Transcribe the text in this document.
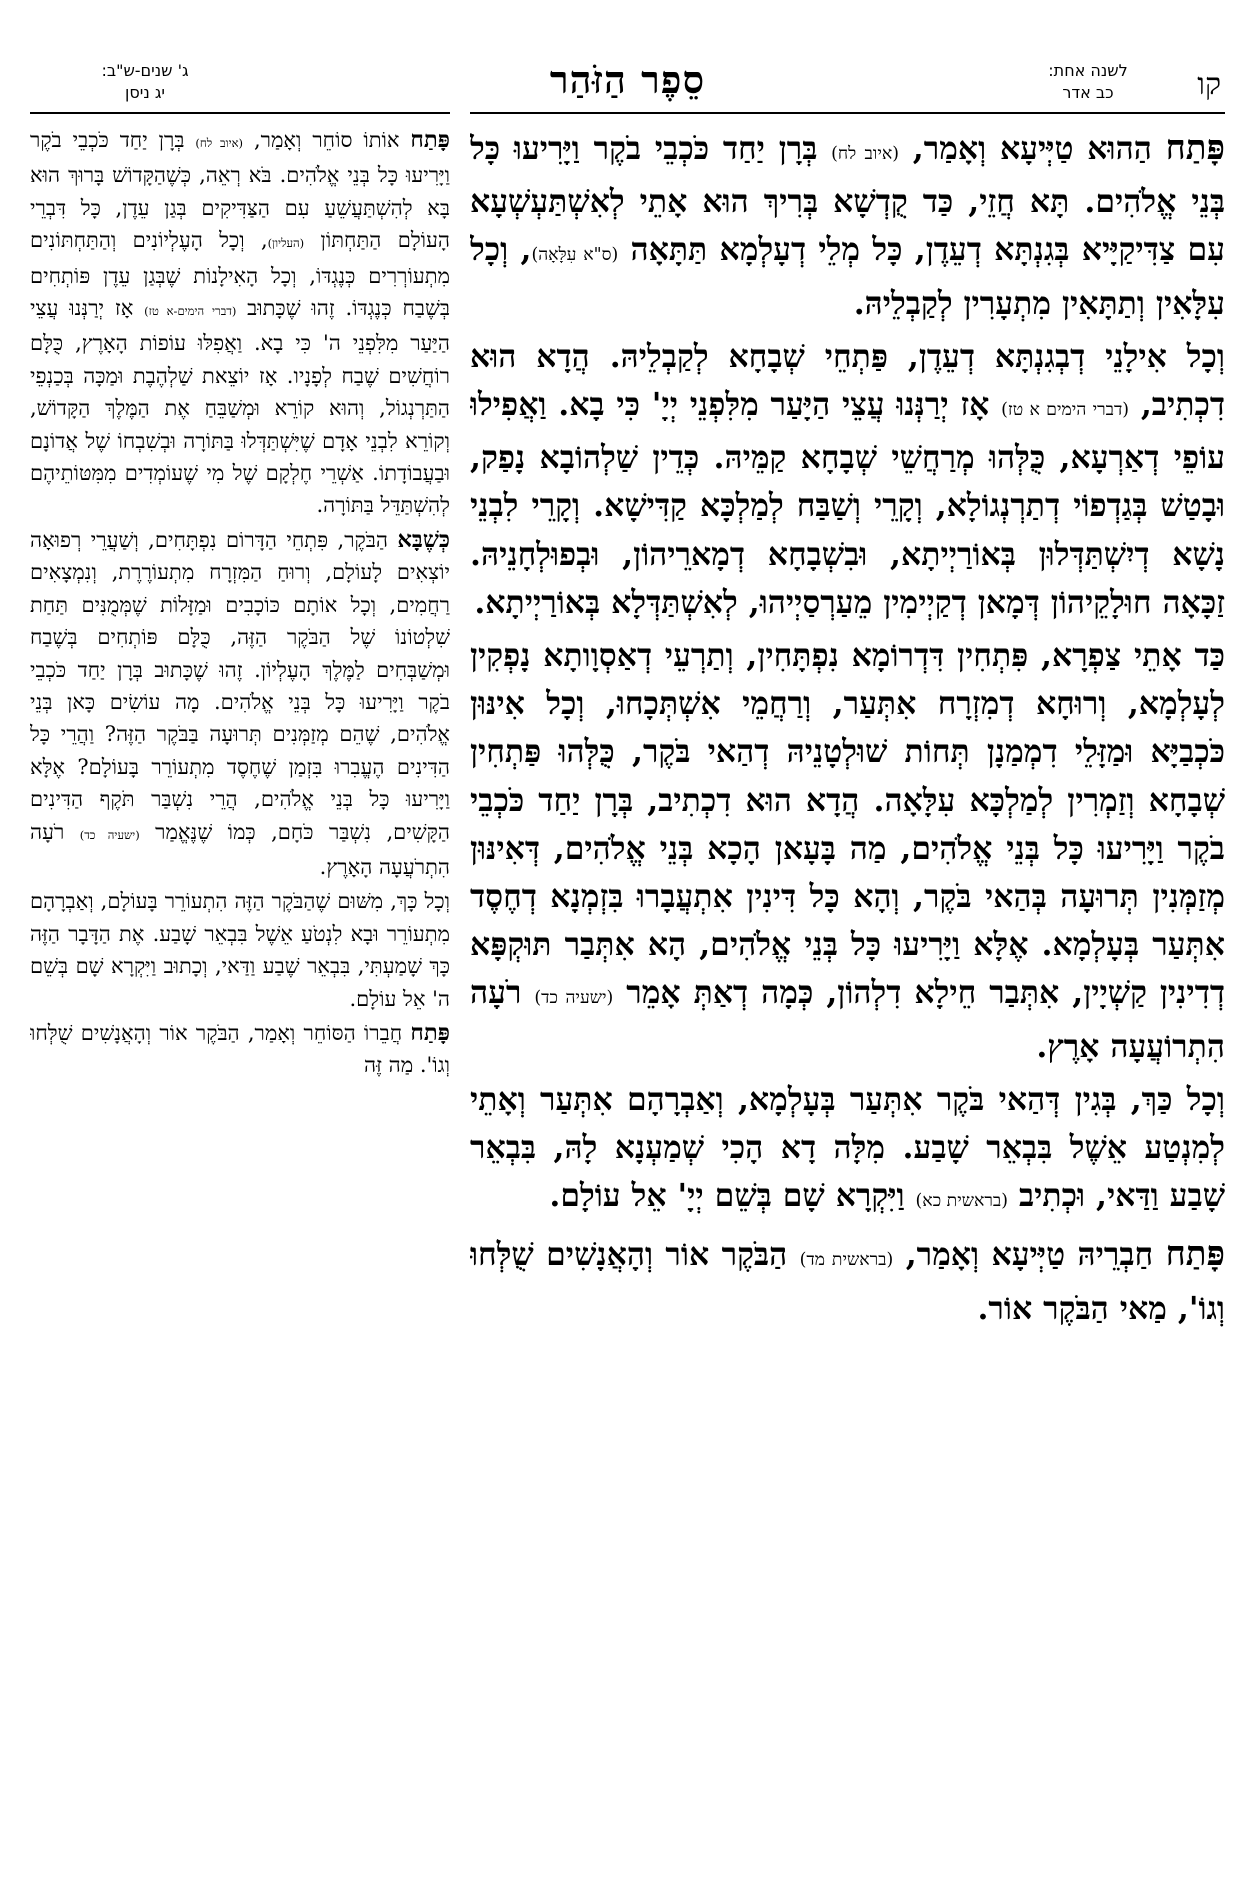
קו
לשנה אחת:
כב אדר
סֵפֶר הַזֹּהַר
ג' שנים-ש"ב:
יג ניסן

פָּתַח הַהוּא טַיְּיעָא וְאָמַר, (איוב לח) בְּרָן יַחַד כֹּכְבֵי בֹקֶר וַיָּרִיעוּ כָּל בְּנֵי אֱלֹהִים. תָּא חֲזֵי, כַּד קֻדְשָׁא בְּרִיךְ הוּא אָתֵי לְאִשְׁתַּעְשְׁעָא עִם צַדִּיקַיָּיא בְּגִנְתָּא דְעֵדֶן, כָּל מְלֵי דְעָלְמָא תַּתָּאָה (ס"א עִלָּאָה), וְכָל עִלָּאִין וְתַתָּאִין מִתְעָרִין לְקַבְלֵיהּ.

וְכָל אִילָנֵי דְבְגִנְתָּא דְעֵדֶן, פַּתְחֵי שְׁבָחָא לְקַבְלֵיהּ. הֲדָא הוּא דִכְתִיב, (דברי הימים א טז) אָז יְרַנְּנוּ עֲצֵי הַיָּעַר מִלִּפְנֵי יְיָ' כִּי בָא. וַאֲפִילוּ עוֹפֵי דְאַרְעָא, כֻּלְּהוּ מְרַחֲשֵׁי שְׁבָחָא קַמֵּיהּ. כְּדֵין שַׁלְהוֹבָא נָפַק, וּבָטַשׁ בְּגַדְפוֹי דְתַרְנְגוֹלָא, וְקָרֵי וְשַׁבַּח לְמַלְכָּא קַדִּישָׁא. וְקָרֵי לִבְנֵי נָשָׁא דְיִשְׁתַּדְּלוּן בְּאוֹרַיְיתָא, וּבִשְׁבָחָא דְמָארֵיהוֹן, וּבְפוּלְחָנֵיהּ. זַכָּאָה חוּלָקֵיהוֹן דְּמָאן דְקַיְימִין מֵעַרְסַיְיהוּ, לְאִשְׁתַּדְּלָא בְּאוֹרַיְיתָא.

כַּד אָתֵי צַפְרָא, פִּתְחִין דִּדְרוֹמָא נִפְתָּחִין, וְתַרְעֵי דְאַסְוָותָא נָפְקִין לְעָלְמָא, וְרוּחָא דְמִזְרָח אִתְּעַר, וְרַחֲמֵי אִשְׁתְּכָחוּ, וְכָל אִינּוּן כֹּכְבַיָּא וּמַזָּלֵי דִמְמַנָן תְּחוֹת שׁוּלְטָנֵיהּ דְהַאי בֹּקֶר, כֻּלְּהוּ פַּתְחִין שְׁבָחָא וְזַמְרִין לְמַלְכָּא עִלָּאָה. הֲדָא הוּא דִכְתִיב, בְּרָן יַחַד כֹּכְבֵי בֹקֶר וַיָּרִיעוּ כָּל בְּנֵי אֱלֹהִים, מַה בָּעָאן הָכָא בְּנֵי אֱלֹהִים, דְּאִינּוּן מְזַמְּנִין תְּרוּעָה בְּהַאי בֹּקֶר, וְהָא כָּל דִּינִין אִתְעֲבָרוּ בִּזְמְנָא דְחֶסֶד אִתְּעַר בְּעָלְמָא. אֶלָּא וַיָּרִיעוּ כָּל בְּנֵי אֱלֹהִים, הָא אִתְּבַר תּוּקְפָּא דְדִינִין קַשְׁיָין, אִתְּבַר חֵילָא דִלְהוֹן, כְּמָה דְאַתְּ אָמֵר (ישעיה כד) רֹעָה הִתְרוֹעֲעָה אָרֶץ.

וְכָל כַּךְ, בְּגִין דְּהַאי בֹּקֶר אִתְּעַר בְּעָלְמָא, וְאַבְרָהָם אִתְּעַר וְאָתֵי לְמִנְטַע אֵשֶׁל בִּבְאֵר שָׁבַע. מִלָּה דָא הָכִי שְׁמַעְנָא לָהּ, בִּבְאֵר שָׁבַע וַדַּאי, וּכְתִיב (בראשית כא) וַיִּקְרָא שָׁם בְּשֵׁם יְיָ' אֵל עוֹלָם.

פָּתַח חַבְרֵיהּ טַיְּיעָא וְאָמַר, (בראשית מד) הַבֹּקֶר אוֹר וְהָאֲנָשִׁים שֻׁלְּחוּ וְגוֹ', מַאי הַבֹּקֶר אוֹר.

פָּתַח אוֹתוֹ סוֹחֵר וְאָמַר, (איוב לח) בְּרָן יַחַד כֹּכְבֵי בֹקֶר וַיָּרִיעוּ כָּל בְּנֵי אֱלֹהִים. בֹּא רְאֵה, כְּשֶׁהַקָּדוֹשׁ בָּרוּךְ הוּא בָּא לְהִשְׁתַּעֲשֵׁעַ עִם הַצַּדִּיקִים בְּגַן עֵדֶן, כָּל דִּבְרֵי הָעוֹלָם הַתַּחְתּוֹן (העליון), וְכָל הָעֶלְיוֹנִים וְהַתַּחְתּוֹנִים מִתְעוֹרְרִים כְּנֶגְדּוֹ, וְכָל הָאִילָנוֹת שֶׁבְּגַן עֵדֶן פּוֹתְחִים בְּשֶׁבַח כְּנֶגְדּוֹ. זֶהוּ שֶׁכָּתוּב (דברי הימים-א טז) אָז יְרַנְּנוּ עֲצֵי הַיַּעַר מִלִּפְנֵי ה' כִּי בָא. וַאֲפִלּוּ עוֹפוֹת הָאָרֶץ, כֻּלָּם רוֹחֲשִׁים שֶׁבַח לְפָנָיו. אָז יוֹצֵאת שַׁלְהֶבֶת וּמַכָּה בְּכַנְפֵי הַתַּרְנְגוֹל, וְהוּא קוֹרֵא וּמְשַׁבֵּחַ אֶת הַמֶּלֶךְ הַקָּדוֹשׁ, וְקוֹרֵא לִבְנֵי אָדָם שֶׁיִּשְׁתַּדְּלוּ בַּתּוֹרָה וּבְשִׁבְחוֹ שֶׁל אֲדוֹנָם וּבַעֲבוֹדָתוֹ. אַשְׁרֵי חֶלְקָם שֶׁל מִי שֶׁעוֹמְדִים מִמִּטּוֹתֵיהֶם לְהִשְׁתַּדֵּל בַּתּוֹרָה.

כְּשֶׁבָּא הַבֹּקֶר, פִּתְחֵי הַדָּרוֹם נִפְתָּחִים, וְשַׁעֲרֵי רְפוּאָה יוֹצְאִים לָעוֹלָם, וְרוּחַ הַמִּזְרָח מִתְעוֹרֶרֶת, וְנִמְצָאִים רַחֲמִים, וְכָל אוֹתָם כּוֹכָבִים וּמַזָּלוֹת שֶׁמְּמֻנִּים תַּחַת שִׁלְטוֹנוֹ שֶׁל הַבֹּקֶר הַזֶּה, כֻּלָּם פּוֹתְחִים בְּשֶׁבַח וּמְשַׁבְּחִים לַמֶּלֶךְ הָעֶלְיוֹן. זֶהוּ שֶׁכָּתוּב בְּרָן יַחַד כֹּכְבֵי בֹקֶר וַיָּרִיעוּ כָּל בְּנֵי אֱלֹהִים. מָה עוֹשִׂים כָּאן בְּנֵי אֱלֹהִים, שֶׁהֵם מְזַמְּנִים תְּרוּעָה בַּבֹּקֶר הַזֶּה? וַהֲרֵי כָּל הַדִּינִים הֶעֱבִרוּ בִּזְמַן שֶׁחֶסֶד מִתְעוֹרֵר בָּעוֹלָם? אֶלָּא וַיָּרִיעוּ כָּל בְּנֵי אֱלֹהִים, הֲרֵי נִשְׁבַּר תֹּקֶף הַדִּינִים הַקָּשִׁים, נִשְׁבַּר כֹּחָם, כְּמוֹ שֶׁנֶּאֱמַר (ישעיה כד) רֹעָה הִתְרֹעֲעָה הָאָרֶץ.

וְכָל כָּךְ, מִשּׁוּם שֶׁהַבֹּקֶר הַזֶּה הִתְעוֹרֵר בָּעוֹלָם, וְאַבְרָהָם מִתְעוֹרֵר וּבָא לִנְטֹעַ אֵשֶׁל בִּבְאֵר שָׁבַע. אֶת הַדָּבָר הַזֶּה כָּךְ שָׁמַעְתִּי, בִּבְאֵר שֶׁבַע וַדַּאי, וְכָתוּב וַיִּקְרָא שָׁם בְּשֵׁם ה' אֵל עוֹלָם.

פָּתַח חֲבֵרוֹ הַסּוֹחֵר וְאָמַר, הַבֹּקֶר אוֹר וְהָאֲנָשִׁים שֻׁלְּחוּ וְגוֹ'. מַה זֶּה
